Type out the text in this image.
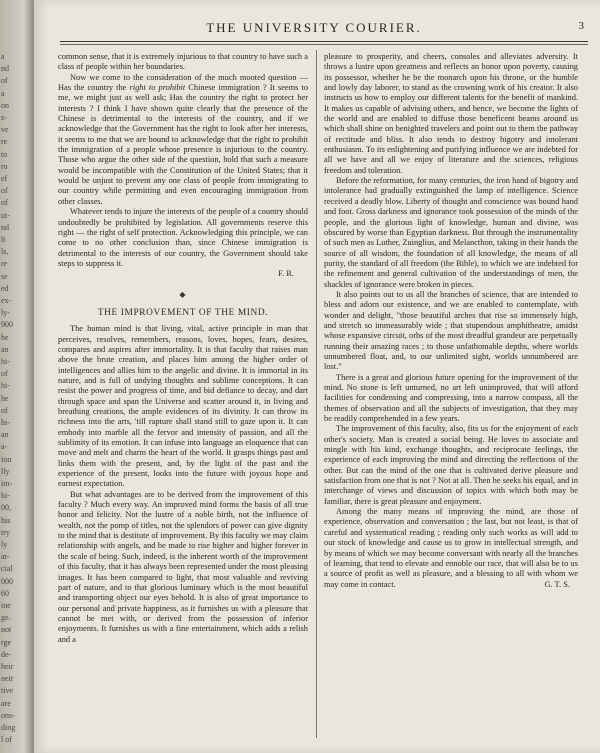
a
nd
of
a
on
s-
ve
re
to
ro
ef
of
of
ut-
nd
lt
ls,
re
se
ed
ex-
ly-
900
he
an
hi-
of
hi-
he
of
hi-
an
a-
ion
lly
im-
hi-
00,
his
try
ly
at-
cial
000
60
ine
ge.
not
rge
de-
heir
neir
tive
are
ons-
ding
l of
THE UNIVERSITY COURIER.	3

common sense, that it is extremely injurious to that country to have such a class of people within her boundaries.

Now we come to the consideration of the much mooted question — Has the country the right to prohibit Chinese immigration ? It seems to me, we might just as well ask; Has the country the right to protect her interests ? I think I have shown quite clearly that the presence of the Chinese is detrimental to the interests of the country, and if we acknowledge that the Government has the right to look after her interests, it seems to me that we are bound to acknowledge that the right to prohibit the immigration of a people whose presence is injurious to the country. Those who argue the other side of the question, hold that such a measure would be incompatible with the Constitution of the United States; that it would be unjust to prevent any one class of people from immigrating to our country while permitting and even encouraging immigration from other classes.

Whatever tends to injure the interests of the people of a country should undoubtedly be prohibited by legislation. All governments reserve this right — the right of self protection. Acknowledging this principle, we can come to no other conclusion than, since Chinese immigration is detrimental to the interests of our country, the Government should take steps to suppress it.

F. R.
◆
THE IMPROVEMENT OF THE MIND.

The human mind is that living, vital, active principle in man that perceives, resolves, remembers, reasons, loves, hopes, fears, desires, compares and aspires after immortality. It is that faculty that raises man above the brute creation, and places him among the higher order of intelligences and allies him to the angelic and divine. It is immortal in its nature, and is full of undying thoughts and sublime conceptions. It can resist the power and progress of time, and bid defiance to decay, and dart through space and span the Universe and scatter around it, in living and breathing creations, the ample evidences of its divinity. It can throw its richness into the arts, 'till rapture shall stand still to gaze upon it. It can embody into marble all the fervor and intensity of passion, and all the sublimity of its emotion. It can infuse into language an eloquence that can move and melt and charm the heart of the world. It grasps things past and links them with the present, and, by the light of the past and the experience of the present, looks into the future with joyous hope and earnest expectation.

But what advantages are to be derived from the improvement of this faculty ? Much every way. An improved mind forms the basis of all true honor and felicity. Not the lustre of a noble birth, not the influence of wealth, not the pomp of titles, not the splendors of power can give dignity to the mind that is destitute of improvement. By this faculty we may claim relationship with angels, and be made to rise higher and higher forever in the scale of being. Such, indeed, is the inherent worth of the improvement of this faculty, that it has always been represented under the most pleasing images. It has been compared to light, that most valuable and reviving part of nature, and to that glorious luminary which is the most beautiful and transporting object our eyes behold. It is also of great importance to our personal and private happiness, as it furnishes us with a pleasure that cannot be met with, or derived from the possession of inferior enjoyments. It furnishes us with a fine entertainment, which adds a relish and a

pleasure to prosperity, and cheers, consoles and alleviates adversity. It throws a lustre upon greatness and reflects an honor upon poverty, causing its possessor, whether he be the monarch upon his throne, or the humble and lowly day laborer, to stand as the crowning work of his creator. It also instructs us how to employ our different talents for the benefit of mankind. It makes us capable of advising others, and hence, we become the lights of the world and are enabled to diffuse those beneficent beams around us which shall shine on benighted travelers and point out to them the pathway of rectitude and bliss. It also tends to destroy bigotry and intolerant enthusiasm. To its enlightening and purifying influence we are indebted for all we have and all we enjoy of literature and the sciences, religious freedom and toleration.

Before the reformation, for many centuries, the iron hand of bigotry and intolerance had gradually extinguished the lamp of intelligence. Science received a deadly blow. Liberty of thought and conscience was bound hand and foot. Gross darkness and ignorance took possession of the minds of the people, and the glorious light of knowledge, human and divine, was obscured by worse than Egyptian darkness. But through the instrumentality of such men as Luther, Zuinglius, and Melancthon, taking in their hands the source of all wisdom, the foundation of all knowledge, the means of all purity, the standard of all freedom (the Bible), to which we are indebted for the refinement and general cultivation of the understandings of men, the shackles of ignorance were broken in pieces.

It also points out to us all the branches of science, that are intended to bless and adorn our existence, and we are enabled to contemplate, with wonder and delight, "those beautiful arches that rise so immensely high, and stretch so immeasurably wide ; that stupendous amphitheatre, amidst whose expansive circuit, orbs of the most dreadful grandeur are perpetually running their amazing races ; to those unfathomable depths, where worlds unnumbered float, and, to our unlimited sight, worlds unnumbered are lost."

There is a great and glorious future opening for the improvement of the mind. No stone is left unturned, no art left unimproved, that will afford facilities for condensing and compressing, into a narrow compass, all the themes of observation and all the subjects of investigation, that they may be readily comprehended in a few years.

The improvement of this faculty, also, fits us for the enjoyment of each other's society. Man is created a social being. He loves to associate and mingle with his kind, exchange thoughts, and reciprocate feelings, the experience of each improving the mind and directing the reflections of the other. But can the mind of the one that is cultivated derive pleasure and satisfaction from one that is not ? Not at all. Then he seeks his equal, and in interchange of views and discussion of topics with which both may be familiar, there is great pleasure and enjoyment.

Among the many means of improving the mind, are those of experience, observation and conversation ; the last, but not least, is that of careful and systematical reading ; reading only such works as will add to our stock of knowledge and cause us to grow in intellectual strength, and by means of which we may become conversant with nearly all the branches of learning, that tend to elevate and ennoble our race, that will also be to us a source of profit as well as pleasure, and a blessing to all with whom we may come in contact.	G. T. S.
